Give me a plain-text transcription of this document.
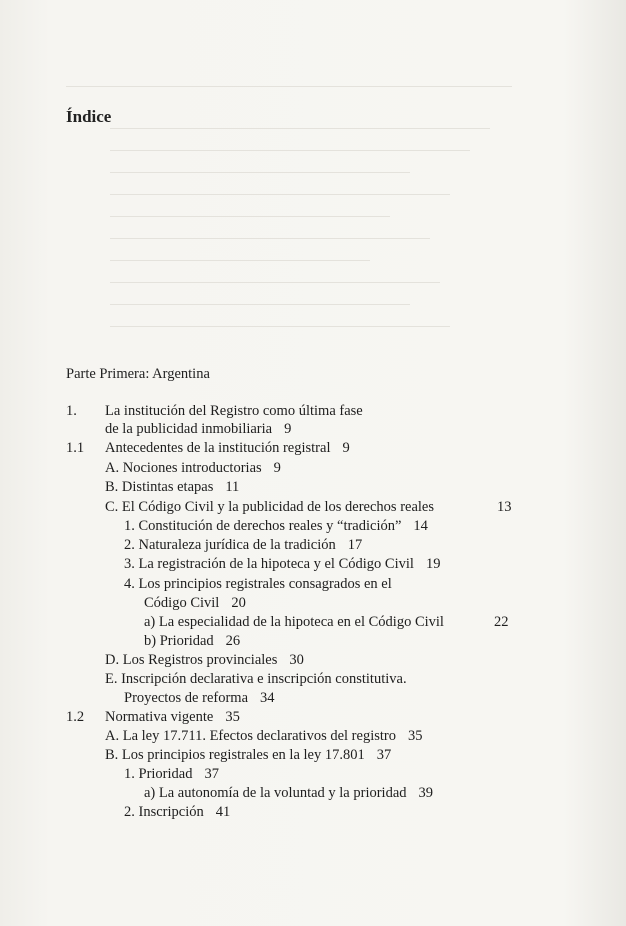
Índice
Parte Primera: Argentina
1. La institución del Registro como última fase
de la publicidad inmobiliaria 9
1.1 Antecedentes de la institución registral 9
A. Nociones introductorias 9
B. Distintas etapas 11
C. El Código Civil y la publicidad de los derechos reales	13
1. Constitución de derechos reales y “tradición” 14
2. Naturaleza jurídica de la tradición 17
3. La registración de la hipoteca y el Código Civil 19
4. Los principios registrales consagrados en el
Código Civil 20
a) La especialidad de la hipoteca en el Código Civil	22
b) Prioridad 26
D. Los Registros provinciales 30
E. Inscripción declarativa e inscripción constitutiva.
Proyectos de reforma 34
1.2 Normativa vigente 35
A. La ley 17.711. Efectos declarativos del registro 35
B. Los principios registrales en la ley 17.801 37
1. Prioridad 37
a) La autonomía de la voluntad y la prioridad 39
2. Inscripción 41
